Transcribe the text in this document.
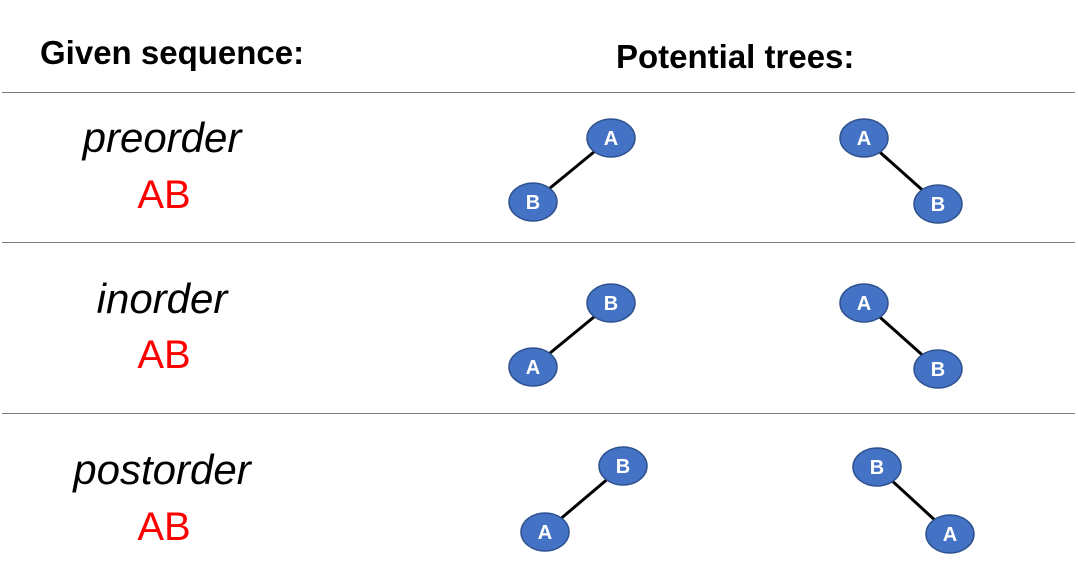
Given sequence:	Potential trees:
preorder
AB
inorder
AB
postorder
AB
A
B
A
B
B
A
A
B
B
A
B
A
